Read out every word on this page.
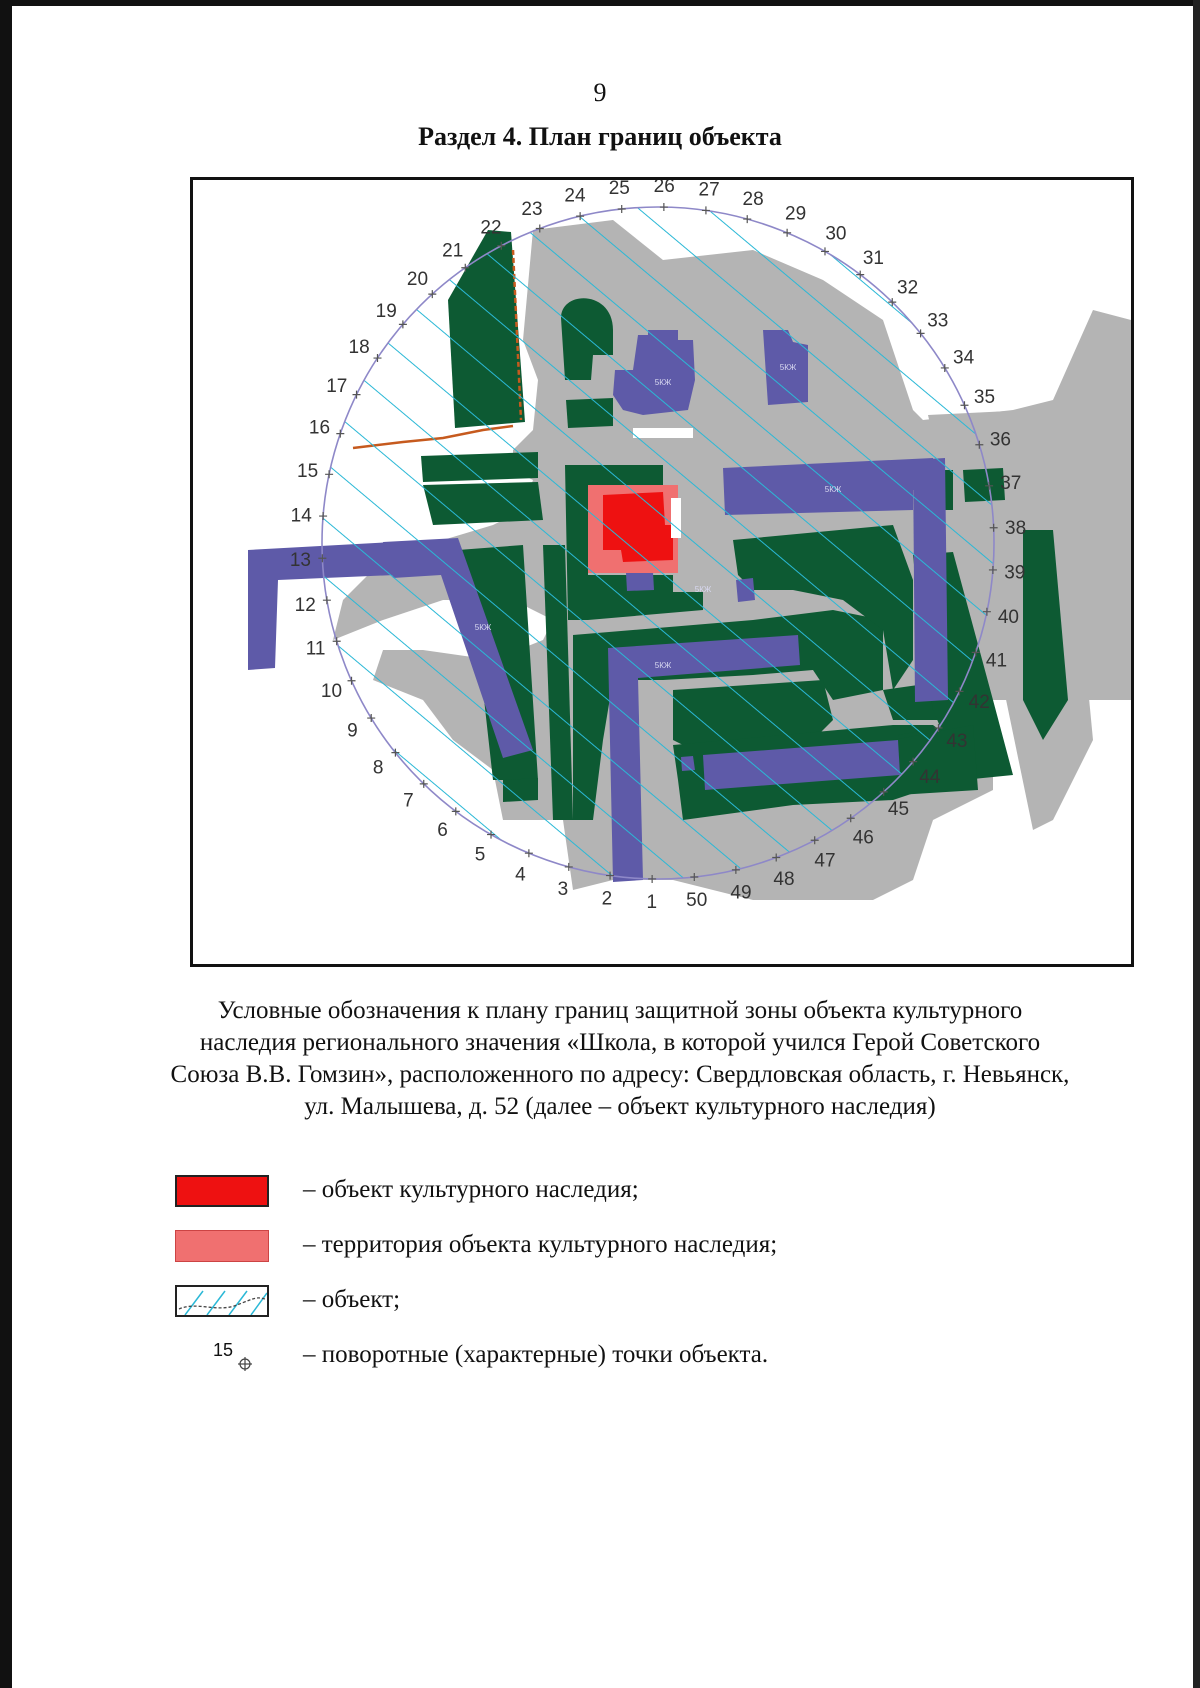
9
Раздел 4. План границ объекта
1
2
3
4
5
6
7
8
9
10
11
12
13
14
15
16
17
18
19
20
21
22
23
24 25 26 27 28
29
30
31
32
33
34
35
36
37
38
39
40
41
42
43
44
45
46
47
48
49
50
5КЖ
5КЖ
5КЖ
5КЖ
5КЖ
5КЖ
Условные обозначения к плану границ защитной зоны объекта культурного
наследия регионального значения «Школа, в которой учился Герой Советского
Союза В.В. Гомзин», расположенного по адресу: Свердловская область, г. Невьянск,
ул. Малышева, д. 52 (далее – объект культурного наследия)
– объект культурного наследия;
– территория объекта культурного наследия;
– объект;
15	– поворотные (характерные) точки объекта.
